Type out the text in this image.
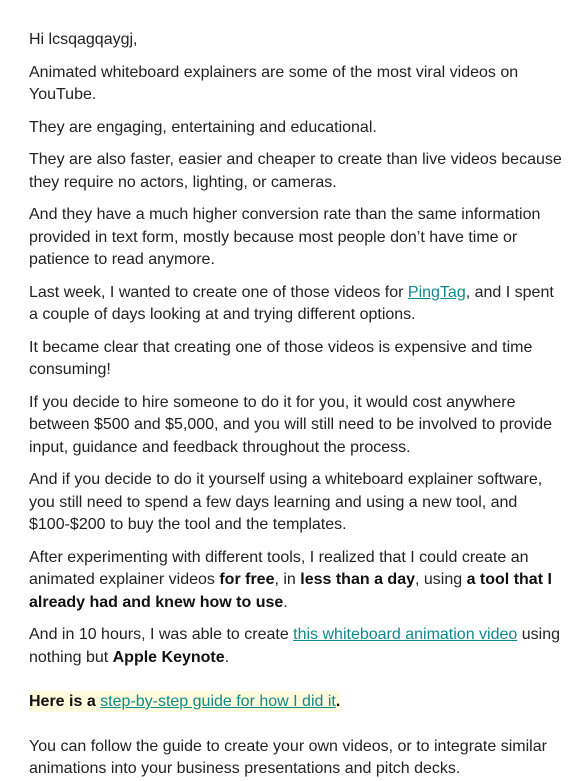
Hi lcsqagqaygj,

Animated whiteboard explainers are some of the most viral videos on YouTube.

They are engaging, entertaining and educational.

They are also faster, easier and cheaper to create than live videos because they require no actors, lighting, or cameras.

And they have a much higher conversion rate than the same information provided in text form, mostly because most people don’t have time or patience to read anymore.

Last week, I wanted to create one of those videos for PingTag, and I spent a couple of days looking at and trying different options.

It became clear that creating one of those videos is expensive and time consuming!

If you decide to hire someone to do it for you, it would cost anywhere between $500 and $5,000, and you will still need to be involved to provide input, guidance and feedback throughout the process.

And if you decide to do it yourself using a whiteboard explainer software, you still need to spend a few days learning and using a new tool, and $100-$200 to buy the tool and the templates.

After experimenting with different tools, I realized that I could create an animated explainer videos for free, in less than a day, using a tool that I already had and knew how to use.

And in 10 hours, I was able to create this whiteboard animation video using nothing but Apple Keynote.

Here is a step-by-step guide for how I did it.

You can follow the guide to create your own videos, or to integrate similar animations into your business presentations and pitch decks.
